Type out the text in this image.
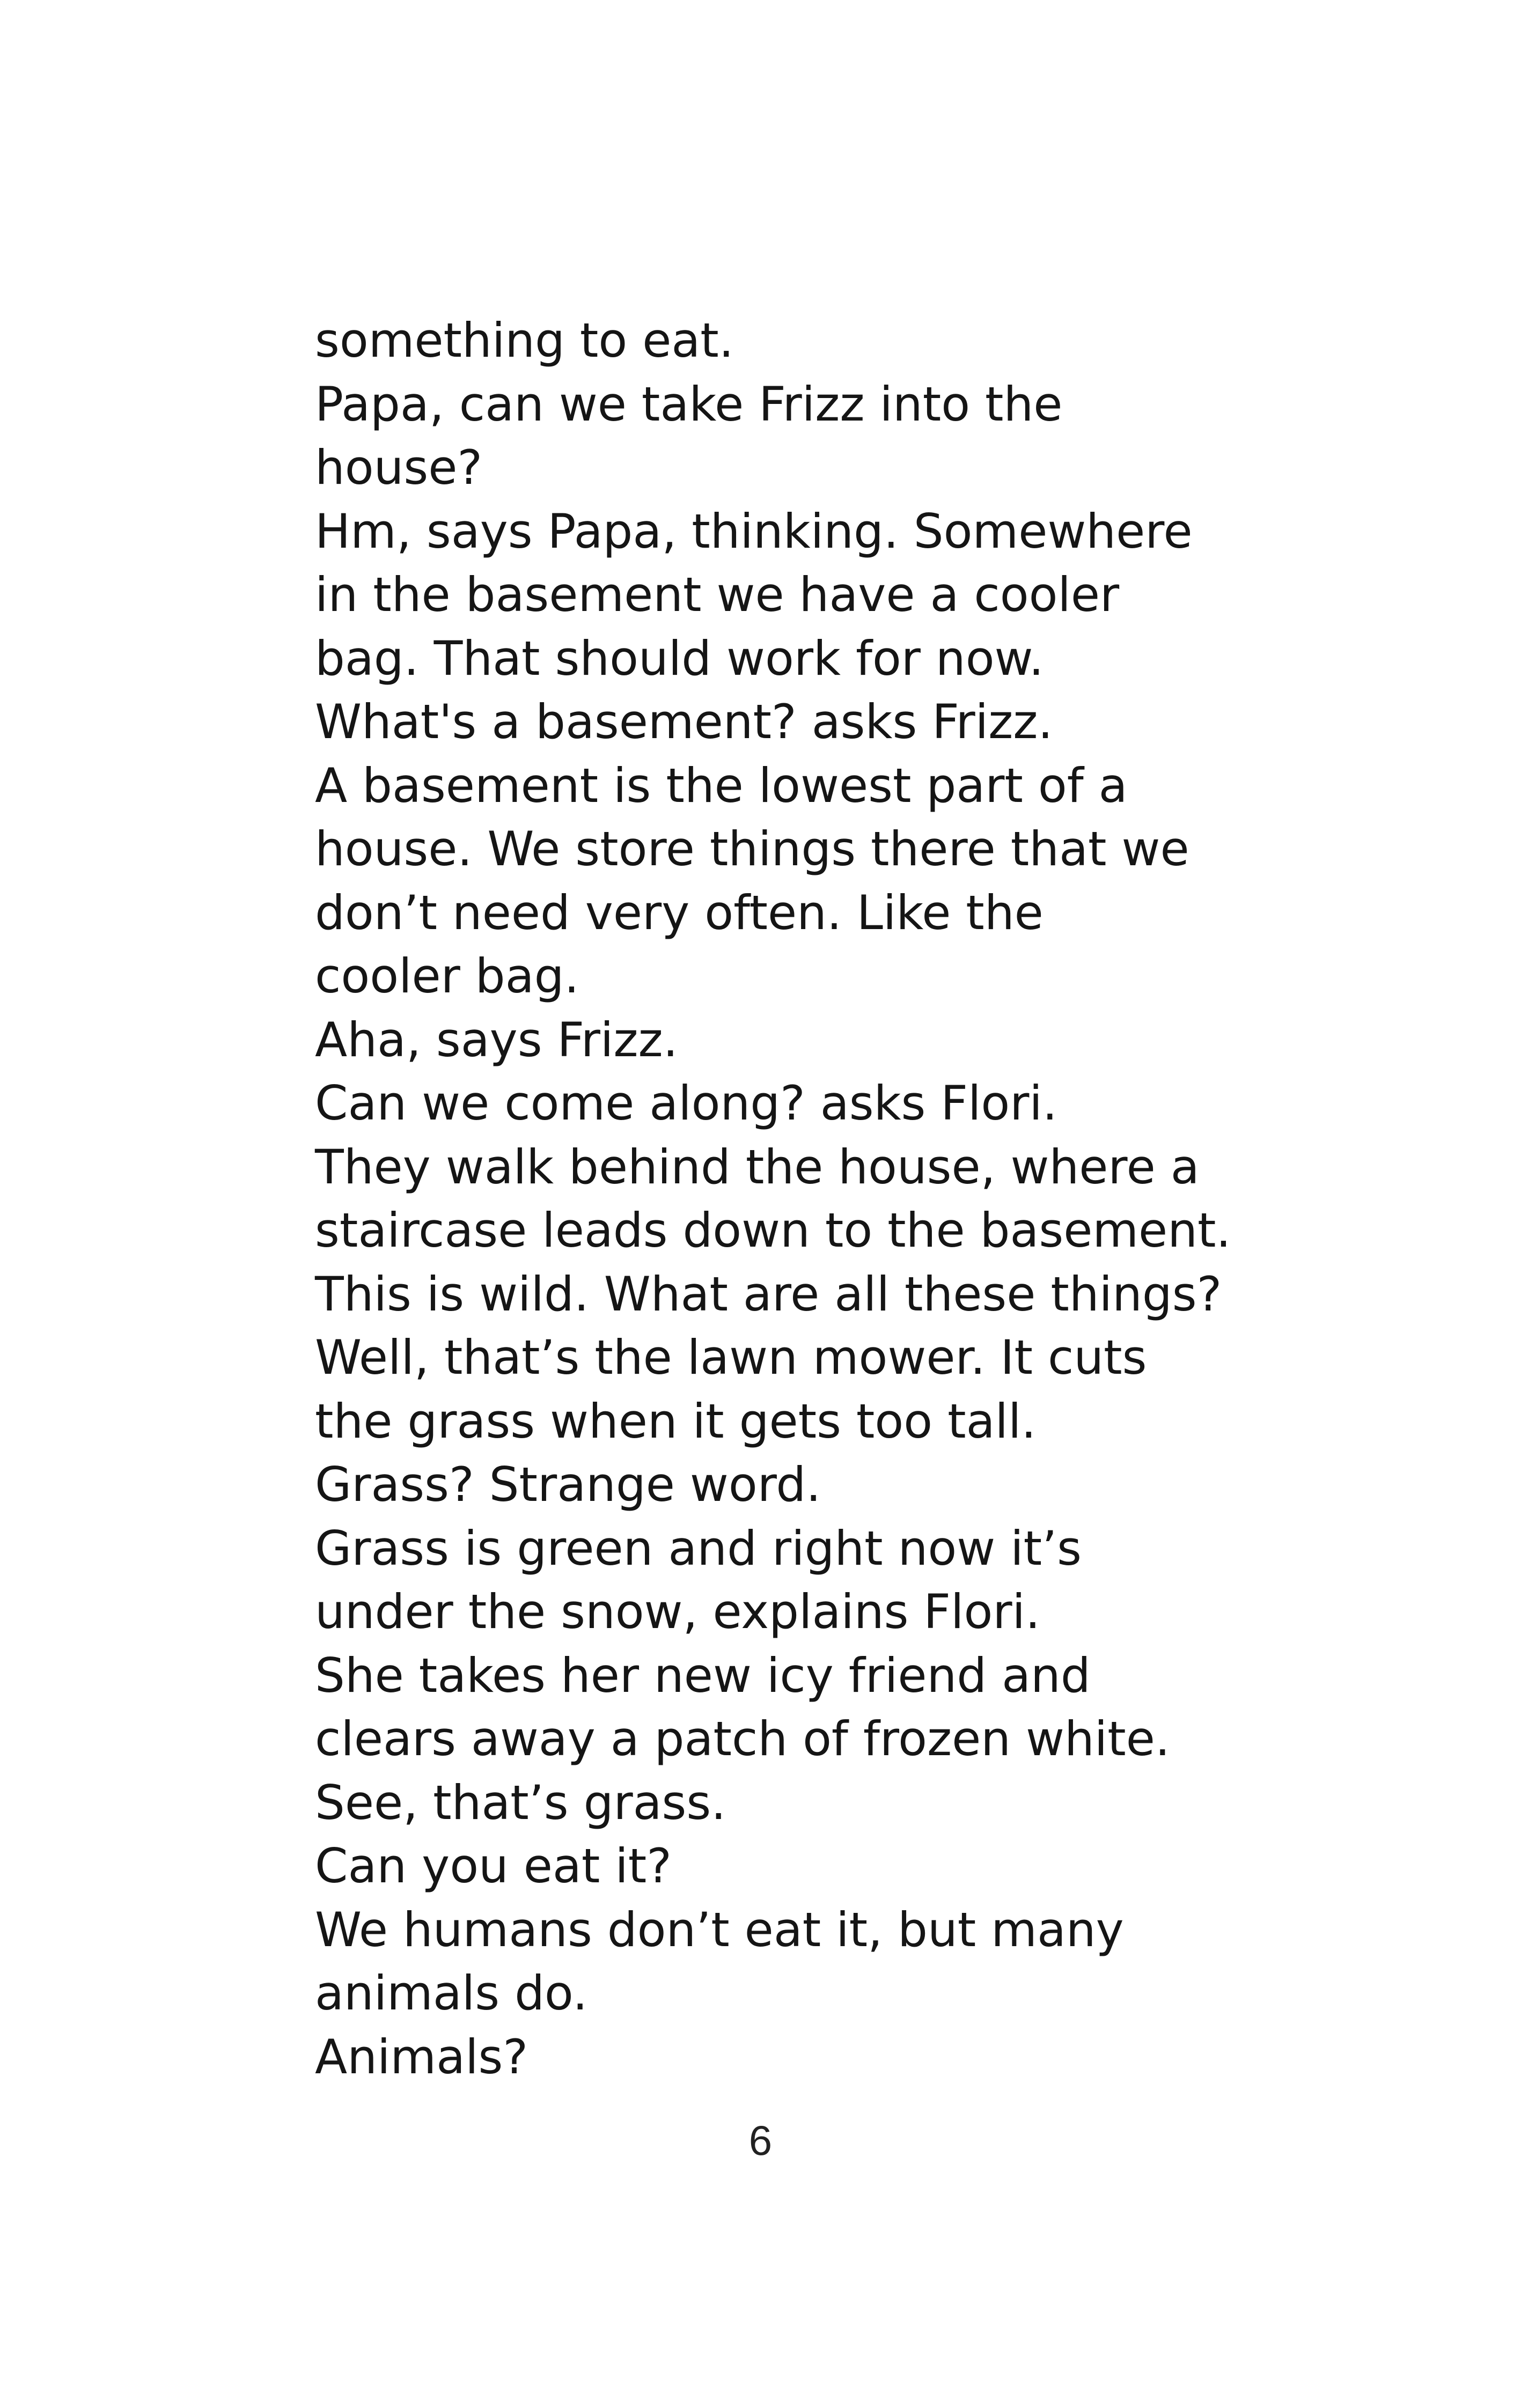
something to eat.
Papa, can we take Frizz into the
house?
Hm, says Papa, thinking. Somewhere
in the basement we have a cooler
bag. That should work for now.
What's a basement? asks Frizz.
A basement is the lowest part of a
house. We store things there that we
don’t need very often. Like the
cooler bag.
Aha, says Frizz.
Can we come along? asks Flori.
They walk behind the house, where a
staircase leads down to the basement.
This is wild. What are all these things?
Well, that’s the lawn mower. It cuts
the grass when it gets too tall.
Grass? Strange word.
Grass is green and right now it’s
under the snow, explains Flori.
She takes her new icy friend and
clears away a patch of frozen white.
See, that’s grass.
Can you eat it?
We humans don’t eat it, but many
animals do.
Animals?
6
